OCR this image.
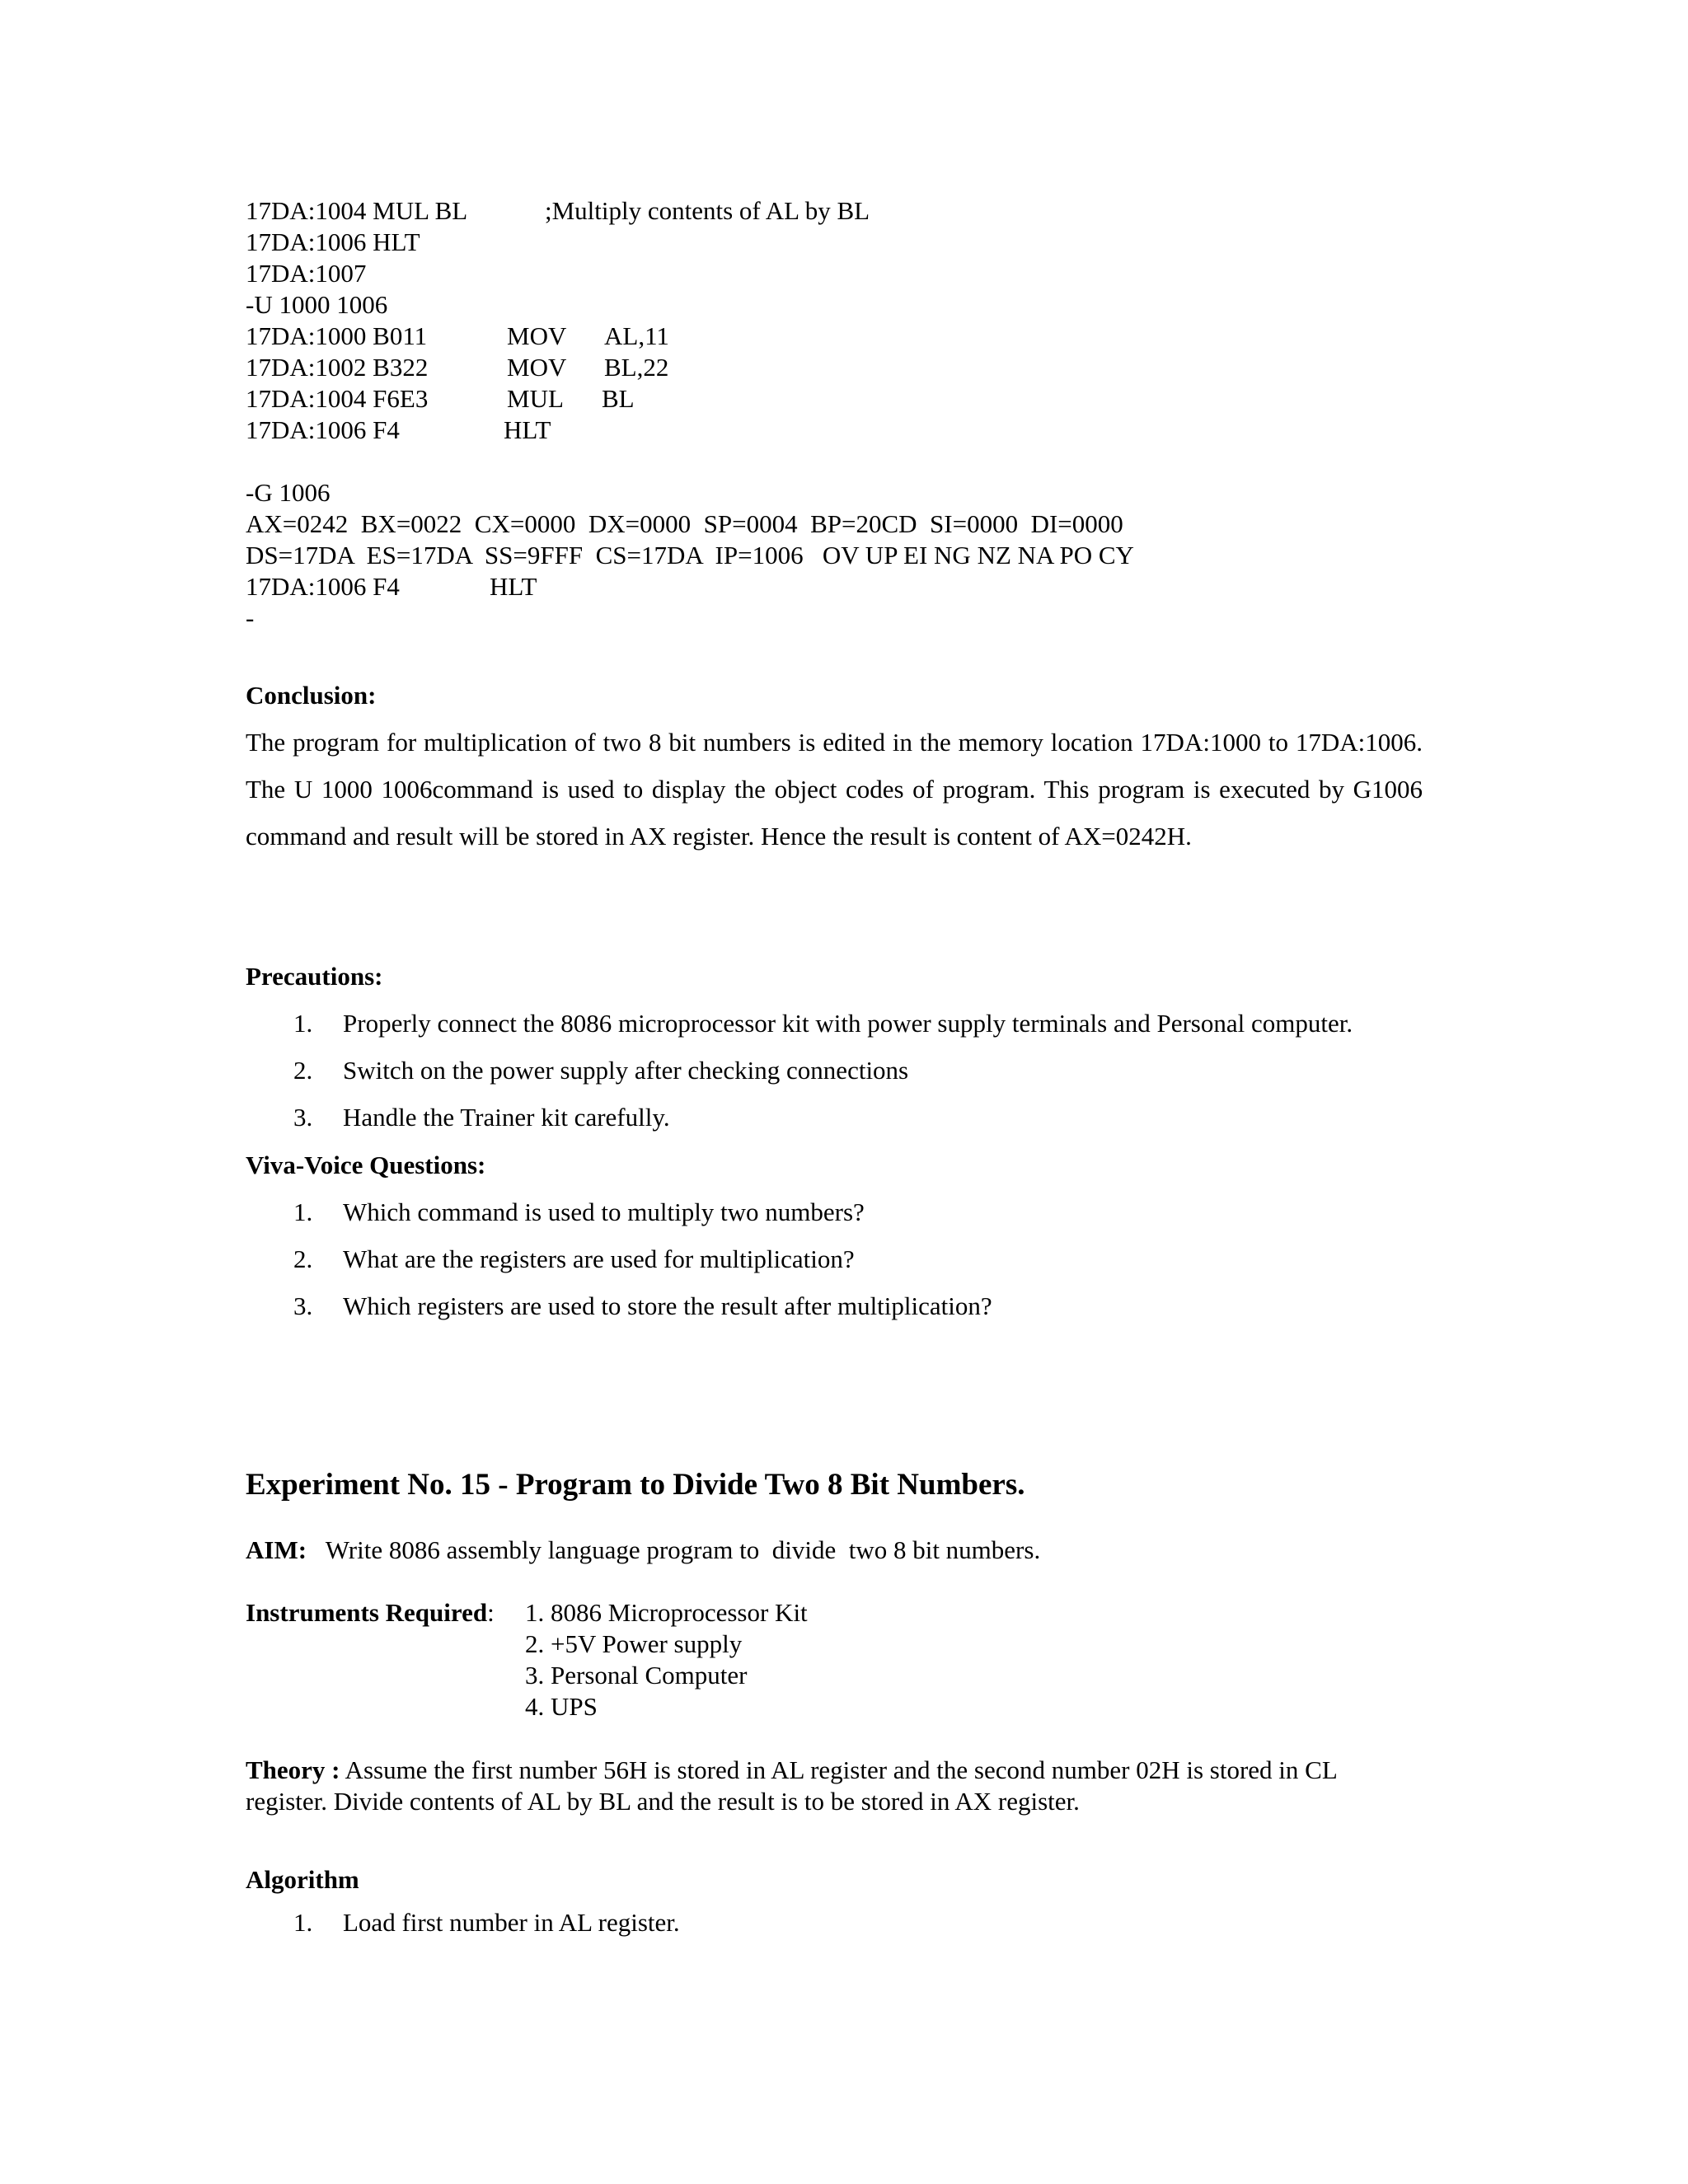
17DA:1004 MUL BL	;Multiply contents of AL by BL
17DA:1006 HLT
17DA:1007
-U 1000 1006
17DA:1000 B011	MOV AL,11
17DA:1002 B322	MOV BL,22
17DA:1004 F6E3	MUL BL
17DA:1006 F4	HLT
-G 1006
AX=0242  BX=0022  CX=0000  DX=0000  SP=0004  BP=20CD  SI=0000  DI=0000
DS=17DA  ES=17DA  SS=9FFF  CS=17DA  IP=1006   OV UP EI NG NZ NA PO CY
17DA:1006 F4	HLT
-
Conclusion:
The program for multiplication of two 8 bit numbers is edited in the memory location 17DA:1000 to 17DA:1006. The U 1000 1006command is used to display the object codes of program. This program is executed by G1006 command and result will be stored in AX register. Hence the result is content of AX=0242H.
Precautions:
1. Properly connect the 8086 microprocessor kit with power supply terminals and Personal computer.
2. Switch on the power supply after checking connections
3. Handle the Trainer kit carefully.
Viva-Voice Questions:
1. Which command is used to multiply two numbers?
2. What are the registers are used for multiplication?
3. Which registers are used to store the result after multiplication?
Experiment No. 15 - Program to Divide Two 8 Bit Numbers.
AIM: Write 8086 assembly language program to  divide  two 8 bit numbers.
Instruments Required: 1. 8086 Microprocessor Kit
2. +5V Power supply
3. Personal Computer
4. UPS
Theory : Assume the first number 56H is stored in AL register and the second number 02H is stored in CL
register. Divide contents of AL by BL and the result is to be stored in AX register.
Algorithm
1. Load first number in AL register.
